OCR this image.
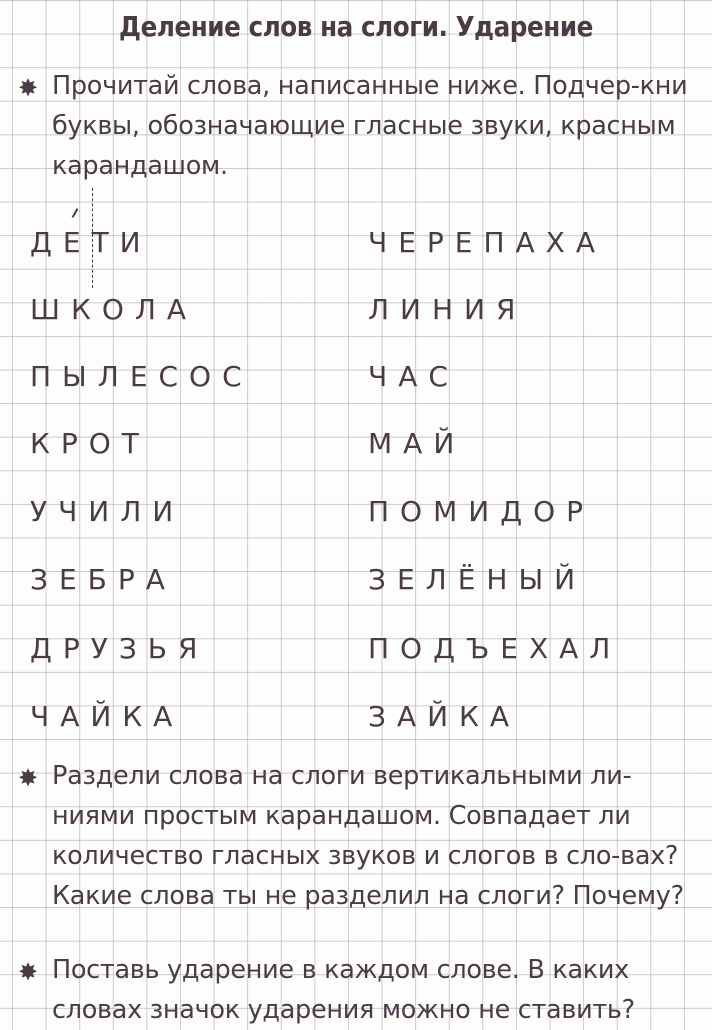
Деление слов на слоги. Ударение
✸ Прочитай слова, написанные ниже. Подчер-кни буквы, обозначающие гласные звуки, красным карандашом.
ДЕТИ
ШКОЛА
ПЫЛЕСОС
КРОТ
УЧИЛИ
ЗЕБРА
ДРУЗЬЯ
ЧАЙКА
ЧЕРЕПАХА
ЛИНИЯ
ЧАС
МАЙ
ПОМИДОР
ЗЕЛЁНЫЙ
ПОДЪЕХАЛ
ЗАЙКА
✸ Раздели слова на слоги вертикальными ли-ниями простым карандашом. Совпадает ли количество гласных звуков и слогов в сло-вах? Какие слова ты не разделил на слоги? Почему?
✸ Поставь ударение в каждом слове. В каких словах значок ударения можно не ставить?
